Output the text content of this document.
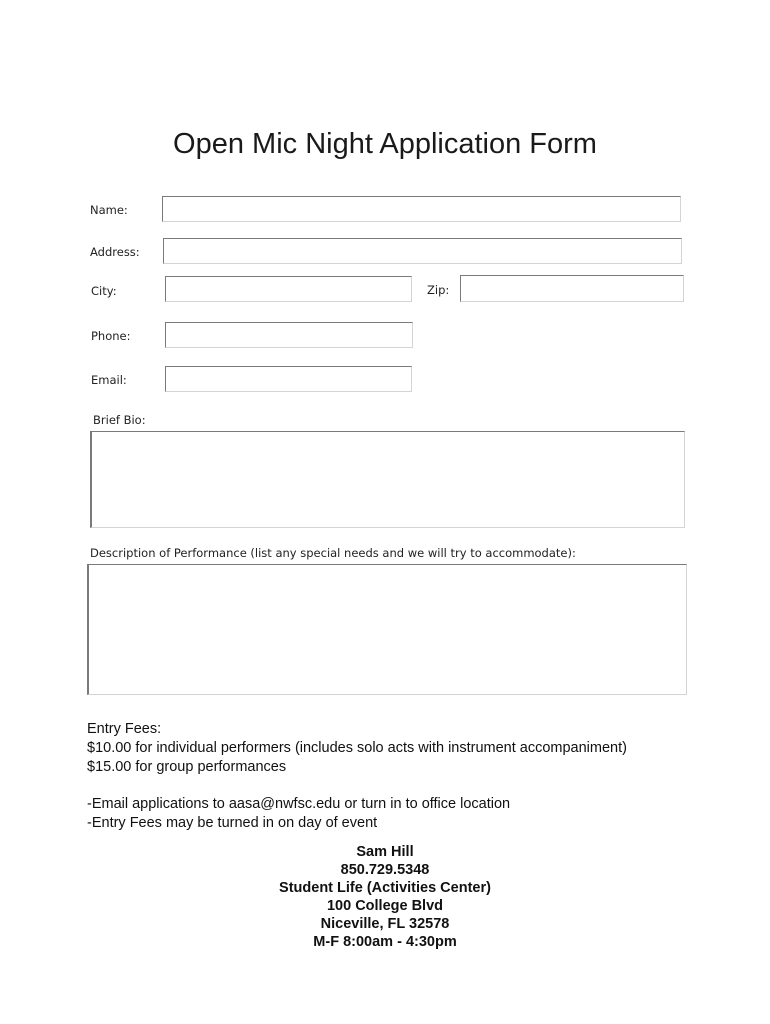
Open Mic Night Application Form
Name:
Address:
City:	Zip:
Phone:
Email:
Brief Bio:
Description of Performance (list any special needs and we will try to accommodate):
Entry Fees:
$10.00 for individual performers (includes solo acts with instrument accompaniment)
$15.00 for group performances
-Email applications to aasa@nwfsc.edu or turn in to office location
-Entry Fees may be turned in on day of event
Sam Hill
850.729.5348
Student Life (Activities Center)
100 College Blvd
Niceville, FL 32578
M-F 8:00am - 4:30pm
